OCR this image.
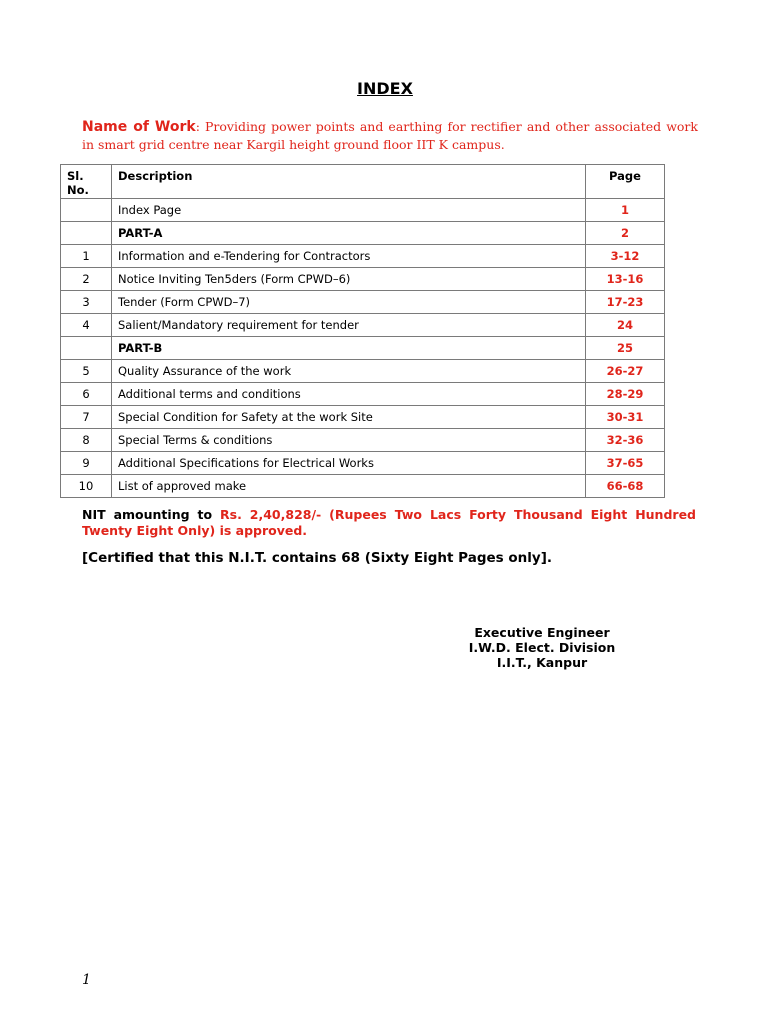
INDEX
Name of Work: Providing power points and earthing for rectifier and other associated work in smart grid centre near Kargil height ground floor IIT K campus.
Sl. No.	Description	Page
	Index Page	1
	PART-A	2
1	Information and e-Tendering for Contractors	3-12
2	Notice Inviting Ten5ders (Form CPWD–6)	13-16
3	Tender (Form CPWD–7)	17-23
4	Salient/Mandatory requirement for tender	24
	PART-B	25
5	Quality Assurance of the work	26-27
6	Additional terms and conditions	28-29
7	Special Condition for Safety at the work Site	30-31
8	Special Terms & conditions	32-36
9	Additional Specifications for Electrical Works	37-65
10	List of approved make	66-68
NIT amounting to Rs. 2,40,828/- (Rupees Two Lacs Forty Thousand Eight Hundred Twenty Eight Only) is approved.
[Certified that this N.I.T. contains 68 (Sixty Eight Pages only].
Executive Engineer
I.W.D. Elect. Division
I.I.T., Kanpur
1
